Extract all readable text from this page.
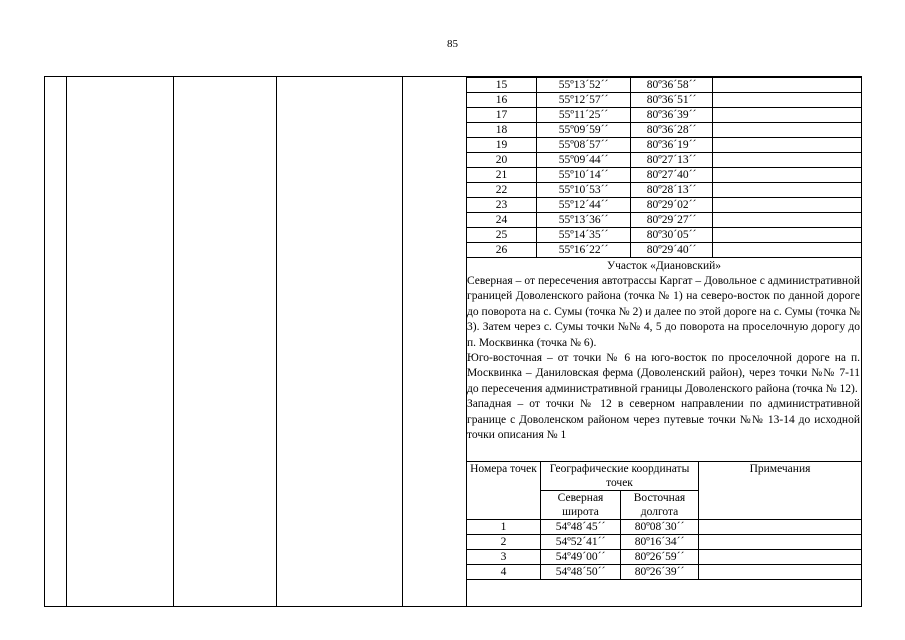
85
15	55º13´52´´	80º36´58´´	
16	55º12´57´´	80º36´51´´	
17	55º11´25´´	80º36´39´´	
18	55º09´59´´	80º36´28´´	
19	55º08´57´´	80º36´19´´	
20	55º09´44´´	80º27´13´´	
21	55º10´14´´	80º27´40´´	
22	55º10´53´´	80º28´13´´	
23	55º12´44´´	80º29´02´´	
24	55º13´36´´	80º29´27´´	
25	55º14´35´´	80º30´05´´	
26	55º16´22´´	80º29´40´´	
Участок «Диановский»

Северная – от пересечения автотрассы Каргат – Довольное с административной границей Доволенского района (точка № 1) на северо-восток по данной дороге до поворота на с. Сумы (точка № 2) и далее по этой дороге на с. Сумы (точка № 3). Затем через с. Сумы точки №№ 4, 5 до поворота на проселочную дорогу до п. Москвинка (точка № 6).

Юго-восточная – от точки № 6 на юго-восток по проселочной дороге на п. Москвинка – Даниловская ферма (Доволенский район), через точки №№ 7-11 до пересечения административной границы Доволенского района (точка № 12).

Западная – от точки № 12 в северном направлении по административной границе с Доволенском районом через путевые точки №№ 13-14 до исходной точки описания № 1

Номера точек	Географические координаты точек		Примечания
	Северная широта	Восточная долгота	
1	54º48´45´´	80º08´30´´	
2	54º52´41´´	80º16´34´´	
3	54º49´00´´	80º26´59´´	
4	54º48´50´´	80º26´39´´	
